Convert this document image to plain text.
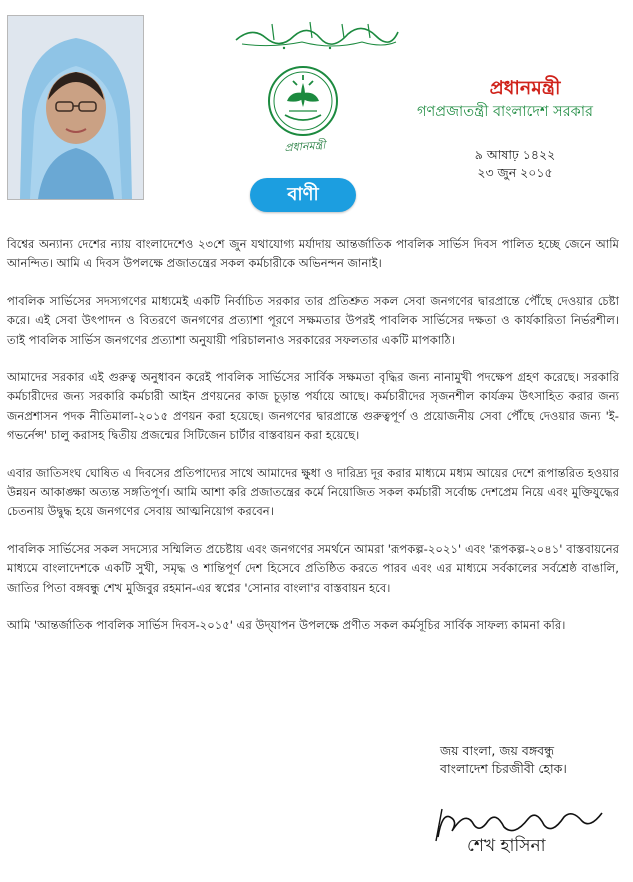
প্রধানমন্ত্রী
প্রধানমন্ত্রী
গণপ্রজাতন্ত্রী বাংলাদেশ সরকার
৯ আষাঢ় ১৪২২
২৩ জুন ২০১৫
বাণী

বিশ্বের অন্যান্য দেশের ন্যায় বাংলাদেশেও ২৩শে জুন যথাযোগ্য মর্যাদায় আন্তর্জাতিক পাবলিক সার্ভিস দিবস পালিত হচ্ছে জেনে আমি আনন্দিত। আমি এ দিবস উপলক্ষে প্রজাতন্ত্রের সকল কর্মচারীকে অভিনন্দন জানাই।

পাবলিক সার্ভিসের সদস্যগণের মাধ্যমেই একটি নির্বাচিত সরকার তার প্রতিশ্রুত সকল সেবা জনগণের দ্বারপ্রান্তে পৌঁছে দেওয়ার চেষ্টা করে। এই সেবা উৎপাদন ও বিতরণে জনগণের প্রত্যাশা পূরণে সক্ষমতার উপরই পাবলিক সার্ভিসের দক্ষতা ও কার্যকারিতা নির্ভরশীল। তাই পাবলিক সার্ভিস জনগণের প্রত্যাশা অনুযায়ী পরিচালনাও সরকারের সফলতার একটি মাপকাঠি।

আমাদের সরকার এই গুরুত্ব অনুধাবন করেই পাবলিক সার্ভিসের সার্বিক সক্ষমতা বৃদ্ধির জন্য নানামুখী পদক্ষেপ গ্রহণ করেছে। সরকারি কর্মচারীদের জন্য সরকারি কর্মচারী আইন প্রণয়নের কাজ চূড়ান্ত পর্যায়ে আছে। কর্মচারীদের সৃজনশীল কার্যক্রম উৎসাহিত করার জন্য জনপ্রশাসন পদক নীতিমালা-২০১৫ প্রণয়ন করা হয়েছে। জনগণের দ্বারপ্রান্তে গুরুত্বপূর্ণ ও প্রয়োজনীয় সেবা পৌঁছে দেওয়ার জন্য 'ই-গভর্নেন্স' চালু করাসহ দ্বিতীয় প্রজন্মের সিটিজেন চার্টার বাস্তবায়ন করা হয়েছে।

এবার জাতিসংঘ ঘোষিত এ দিবসের প্রতিপাদ্যের সাথে আমাদের ক্ষুধা ও দারিদ্র্য দূর করার মাধ্যমে মধ্যম আয়ের দেশে রূপান্তরিত হওয়ার উন্নয়ন আকাঙ্ক্ষা অত্যন্ত সঙ্গতিপূর্ণ। আমি আশা করি প্রজাতন্ত্রের কর্মে নিয়োজিত সকল কর্মচারী সর্বোচ্চ দেশপ্রেম নিয়ে এবং মুক্তিযুদ্ধের চেতনায় উদ্বুদ্ধ হয়ে জনগণের সেবায় আত্মনিয়োগ করবেন।

পাবলিক সার্ভিসের সকল সদস্যের সম্মিলিত প্রচেষ্টায় এবং জনগণের সমর্থনে আমরা 'রূপকল্প-২০২১' এবং 'রূপকল্প-২০৪১' বাস্তবায়নের মাধ্যমে বাংলাদেশকে একটি সুখী, সমৃদ্ধ ও শান্তিপূর্ণ দেশ হিসেবে প্রতিষ্ঠিত করতে পারব এবং এর মাধ্যমে সর্বকালের সর্বশ্রেষ্ঠ বাঙালি, জাতির পিতা বঙ্গবন্ধু শেখ মুজিবুর রহমান-এর স্বপ্নের 'সোনার বাংলা'র বাস্তবায়ন হবে।

আমি 'আন্তর্জাতিক পাবলিক সার্ভিস দিবস-২০১৫' এর উদ্‌যাপন উপলক্ষে প্রণীত সকল কর্মসূচির সার্বিক সাফল্য কামনা করি।

জয় বাংলা, জয় বঙ্গবন্ধু
বাংলাদেশ চিরজীবী হোক।
শেখ হাসিনা
